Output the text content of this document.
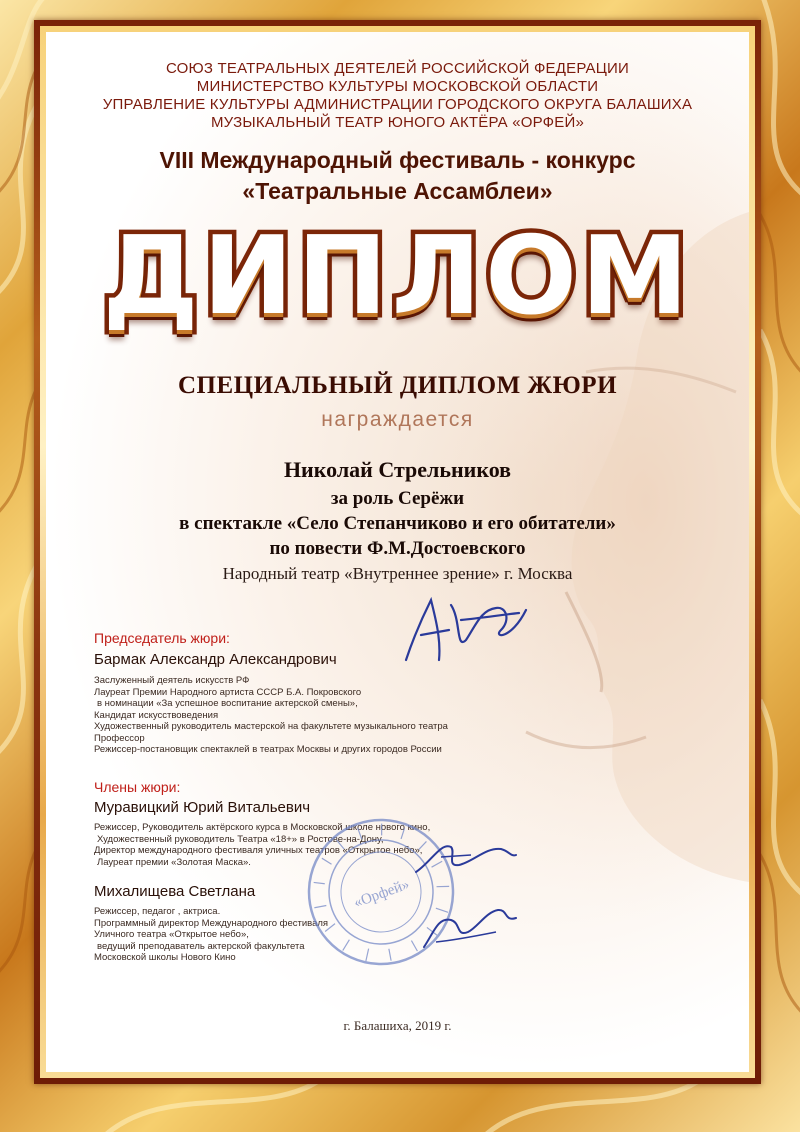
СОЮЗ ТЕАТРАЛЬНЫХ ДЕЯТЕЛЕЙ РОССИЙСКОЙ ФЕДЕРАЦИИ

МИНИСТЕРСТВО КУЛЬТУРЫ МОСКОВСКОЙ ОБЛАСТИ

УПРАВЛЕНИЕ КУЛЬТУРЫ АДМИНИСТРАЦИИ ГОРОДСКОГО ОКРУГА БАЛАШИХА

МУЗЫКАЛЬНЫЙ ТЕАТР ЮНОГО АКТЁРА «ОРФЕЙ»

VIII Международный фестиваль - конкурс

«Театральные Ассамблеи»

ДИПЛОМ

СПЕЦИАЛЬНЫЙ ДИПЛОМ ЖЮРИ

награждается

Николай Стрельников

за роль Серёжи

в спектакле «Село Степанчиково и его обитатели»

по повести Ф.М.Достоевского

Народный театр «Внутреннее зрение» г. Москва

Председатель жюри:

Бармак Александр Александрович

Заслуженный деятель искусств РФ
Лауреат Премии Народного артиста СССР Б.А. Покровского
в номинации «За успешное воспитание актерской смены»,
Кандидат искусствоведения
Художественный руководитель мастерской на факультете музыкального театра
Профессор
Режиссер-постановщик спектаклей в театрах Москвы и других городов России

Члены жюри:

Муравицкий Юрий Витальевич

Режиссер, Руководитель актёрского курса в Московской школе нового кино,
Художественный руководитель Театра «18+» в Ростове-на-Дону,
Директор международного фестиваля уличных театров «Открытое небо»,
Лауреат премии «Золотая Маска».

Михалищева Светлана

Режиссер, педагог , актриса.
Программный директор Международного фестиваля
Уличного театра «Открытое небо»,
ведущий преподаватель актерской факультета
Московской школы Нового Кино
«Орфей»

г. Балашиха, 2019 г.
